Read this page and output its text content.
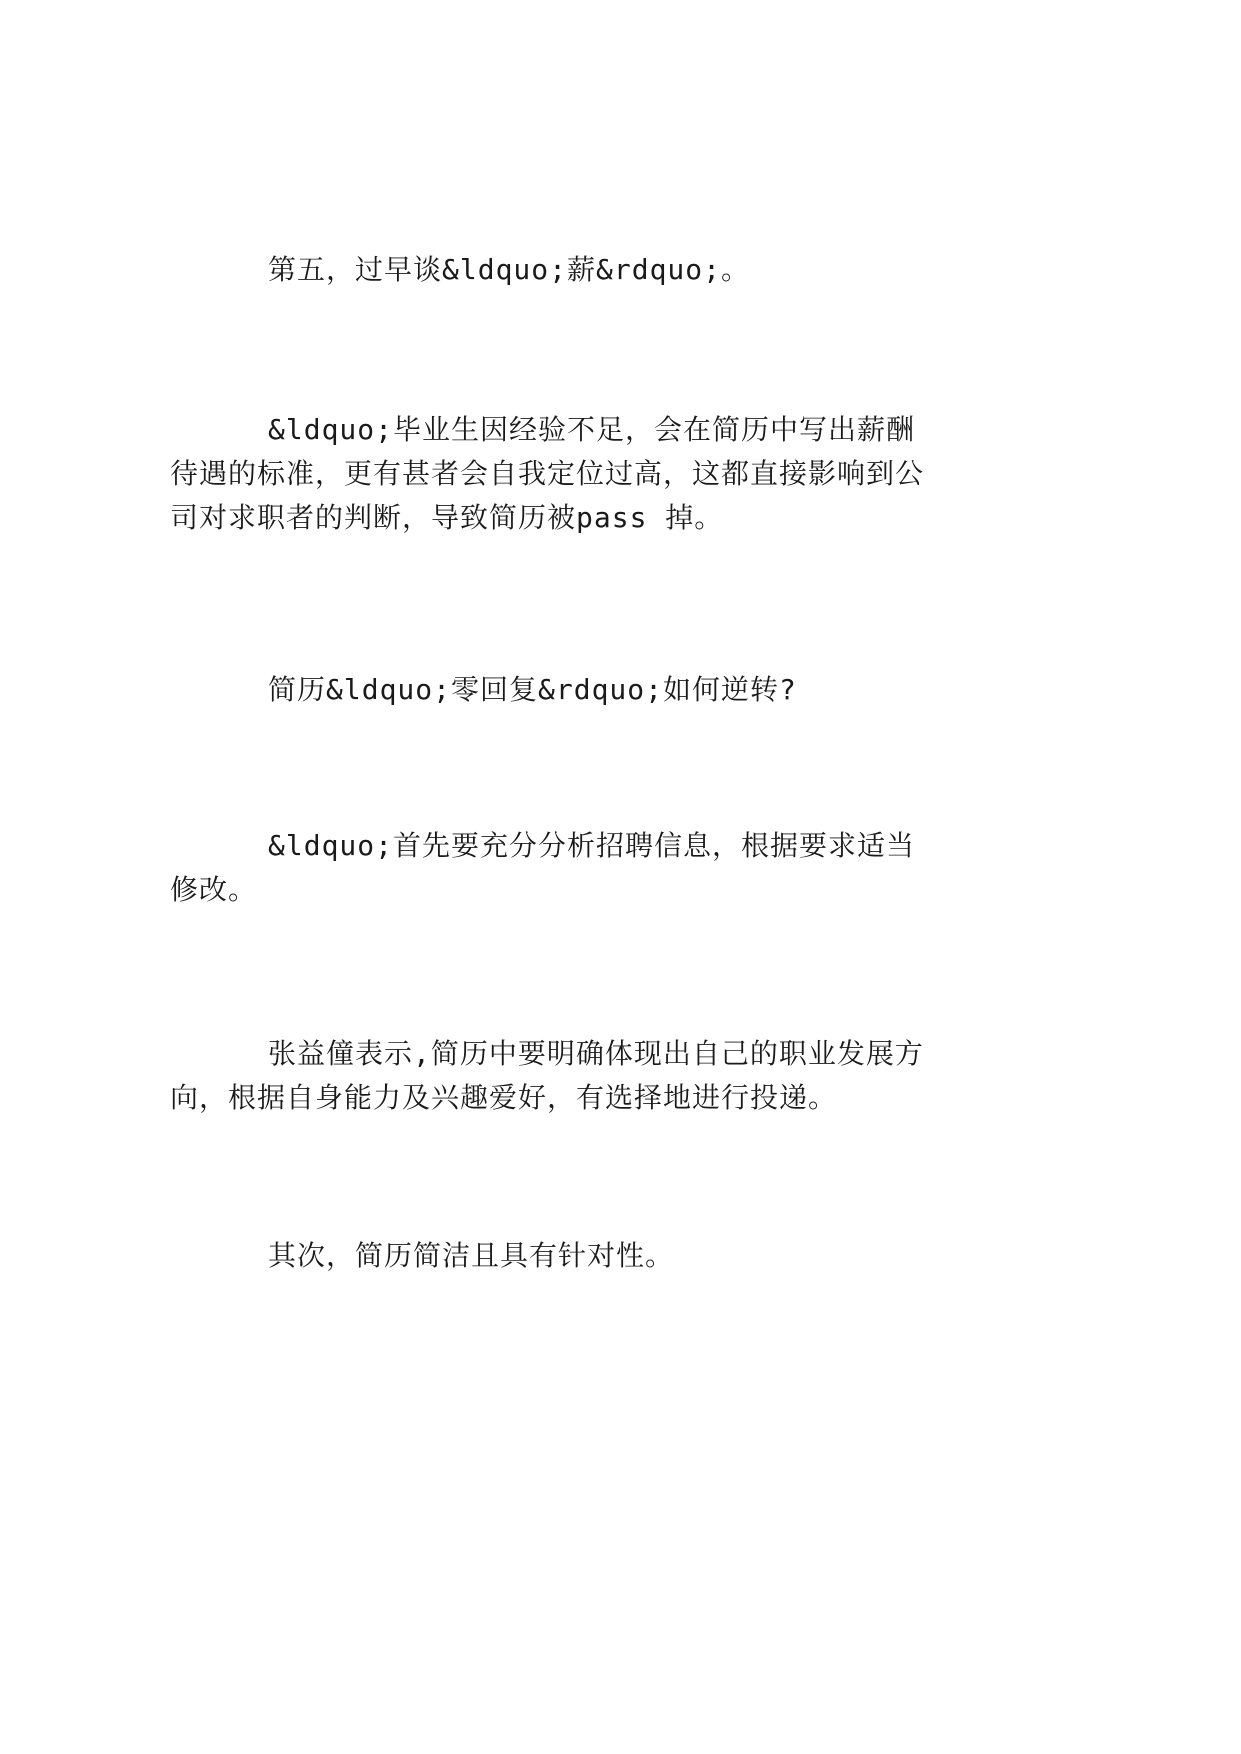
第五，过早谈&ldquo;薪&rdquo;。

&ldquo;毕业生因经验不足，会在简历中写出薪酬待遇的标准，更有甚者会自我定位过高，这都直接影响到公司对求职者的判断，导致简历被pass 掉。

简历&ldquo;零回复&rdquo;如何逆转?

&ldquo;首先要充分分析招聘信息，根据要求适当修改。

张益僮表示,简历中要明确体现出自己的职业发展方向，根据自身能力及兴趣爱好，有选择地进行投递。

其次，简历简洁且具有针对性。
